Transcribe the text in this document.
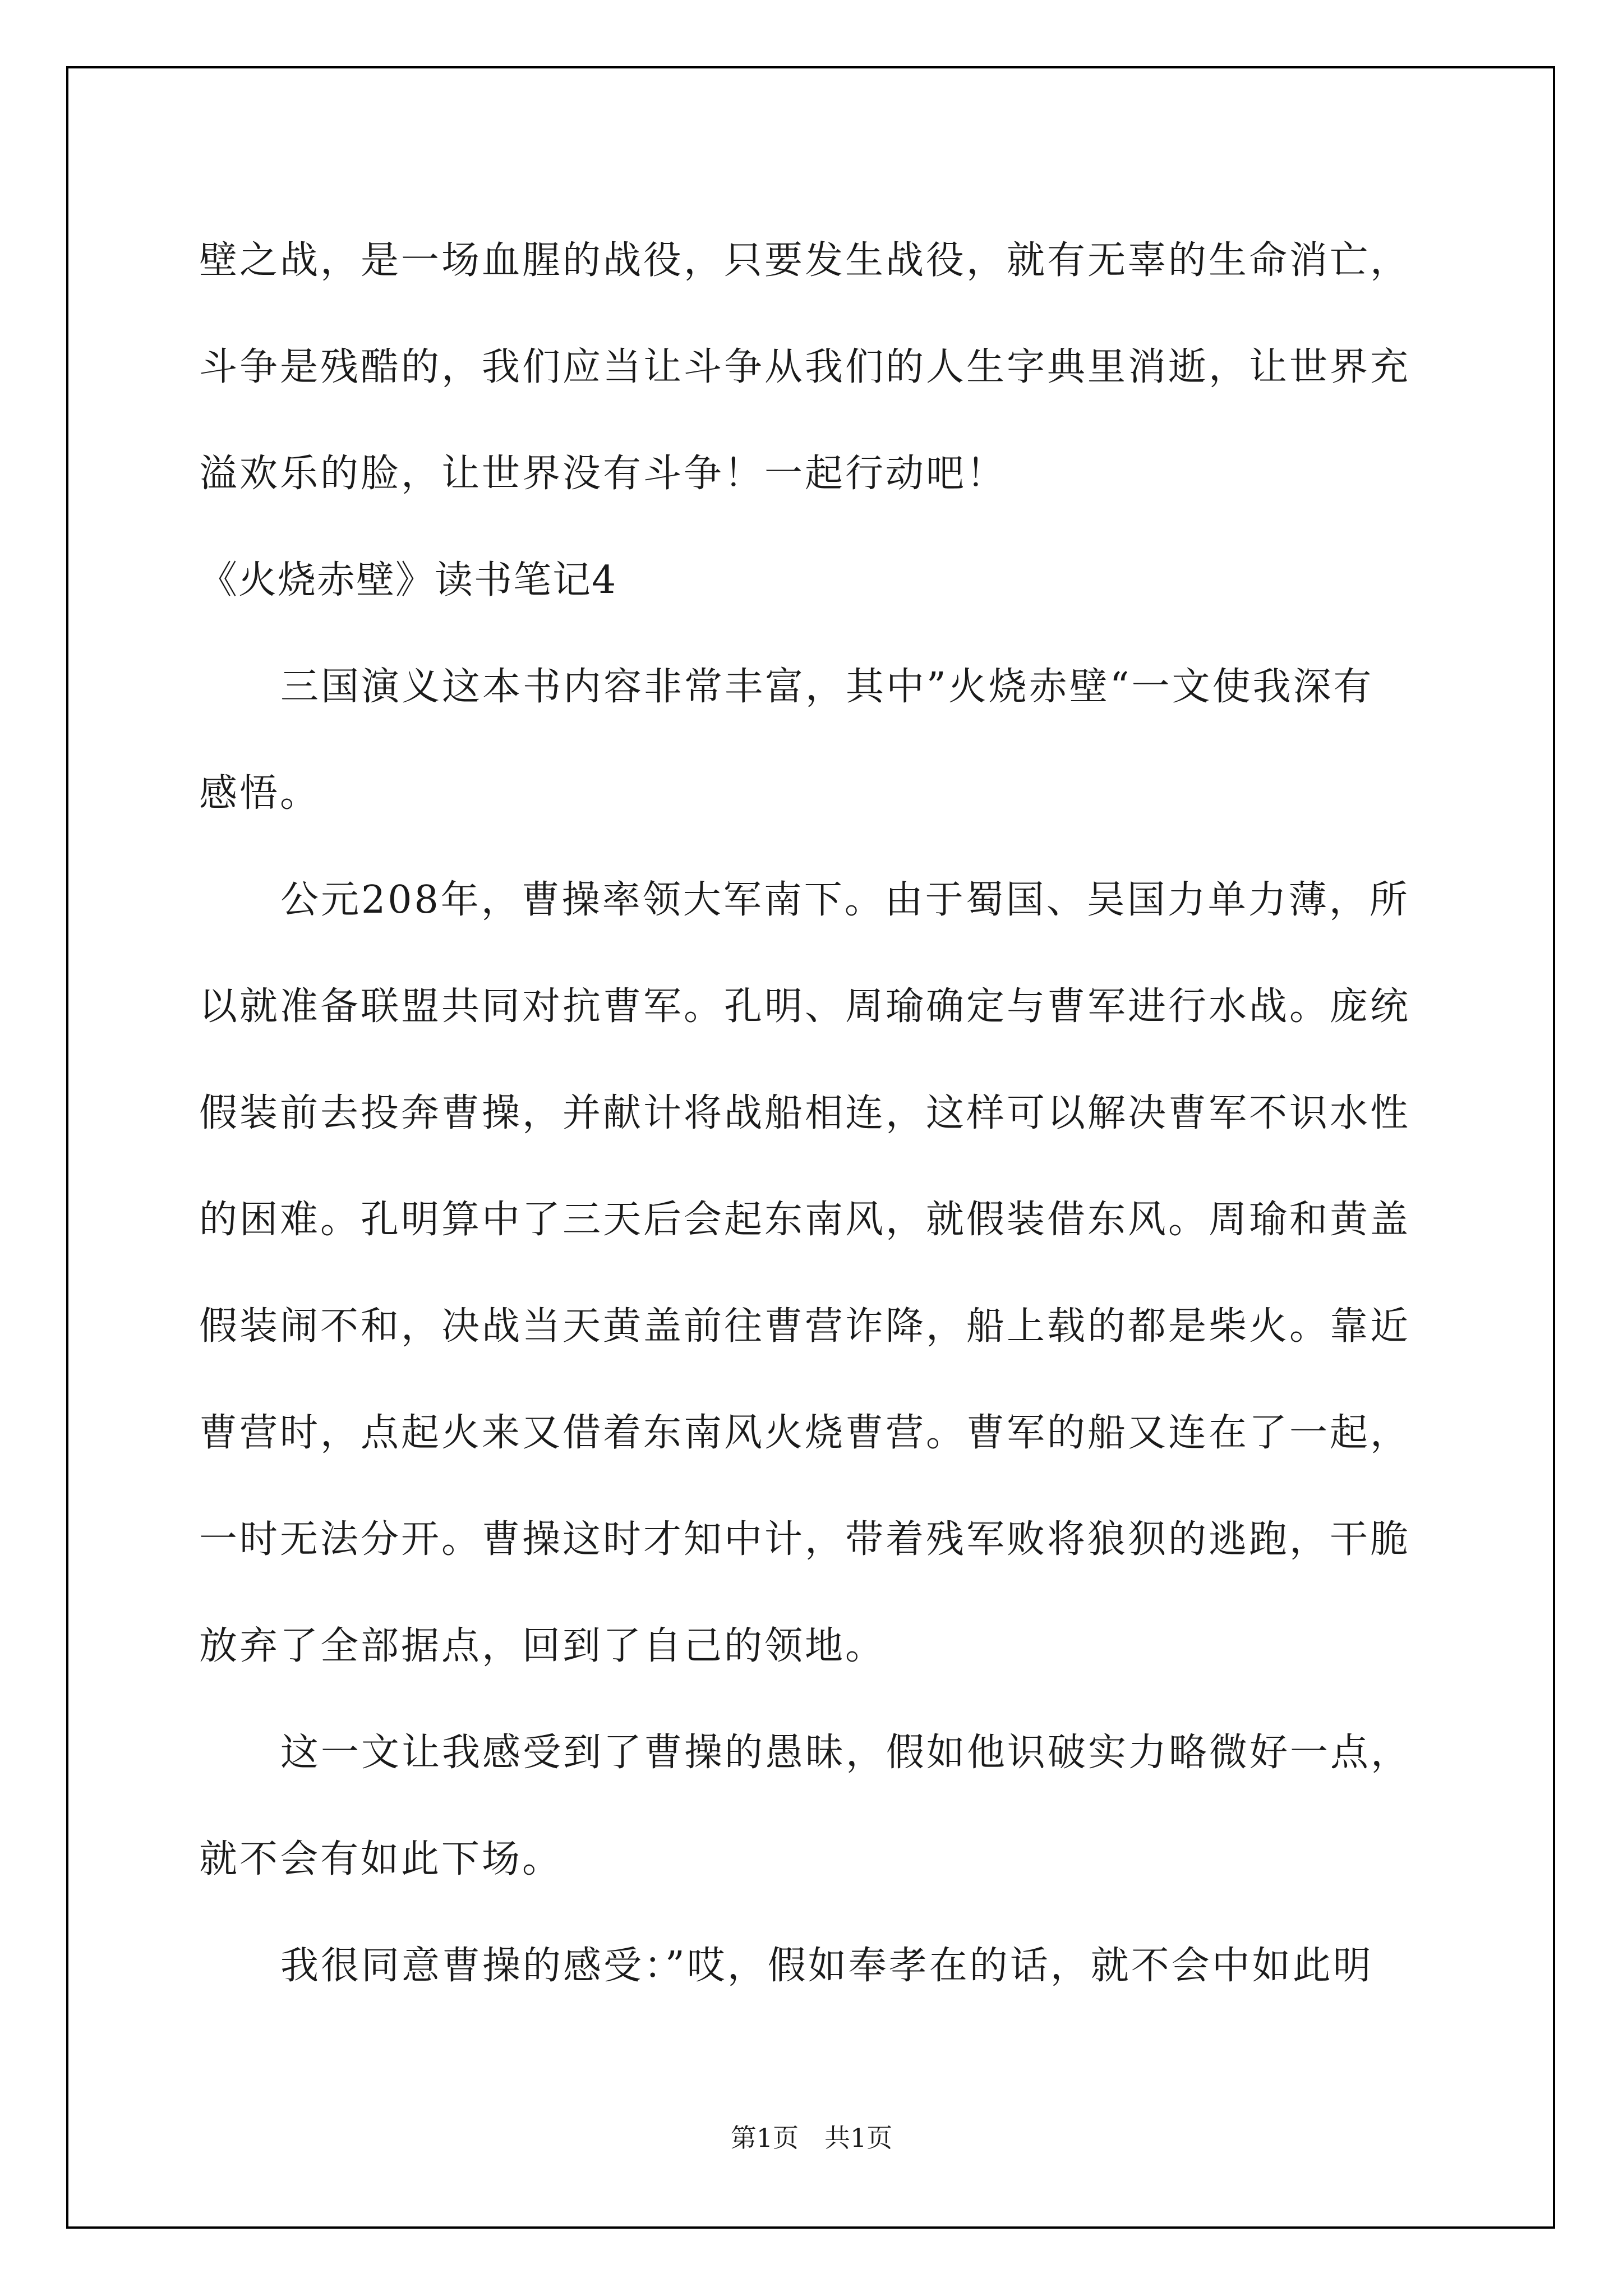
壁之战，是一场血腥的战役，只要发生战役，就有无辜的生命消亡，
斗争是残酷的，我们应当让斗争从我们的人生字典里消逝，让世界充
溢欢乐的脸，让世界没有斗争！一起行动吧！
《火烧赤壁》读书笔记4
三国演义这本书内容非常丰富，其中”火烧赤壁“一文使我深有
感悟。
公元208年，曹操率领大军南下。由于蜀国、吴国力单力薄，所
以就准备联盟共同对抗曹军。孔明、周瑜确定与曹军进行水战。庞统
假装前去投奔曹操，并献计将战船相连，这样可以解决曹军不识水性
的困难。孔明算中了三天后会起东南风，就假装借东风。周瑜和黄盖
假装闹不和，决战当天黄盖前往曹营诈降，船上载的都是柴火。靠近
曹营时，点起火来又借着东南风火烧曹营。曹军的船又连在了一起，
一时无法分开。曹操这时才知中计，带着残军败将狼狈的逃跑，干脆
放弃了全部据点，回到了自己的领地。
这一文让我感受到了曹操的愚昧，假如他识破实力略微好一点，
就不会有如此下场。
我很同意曹操的感受：”哎，假如奉孝在的话，就不会中如此明
第1页　共1页
